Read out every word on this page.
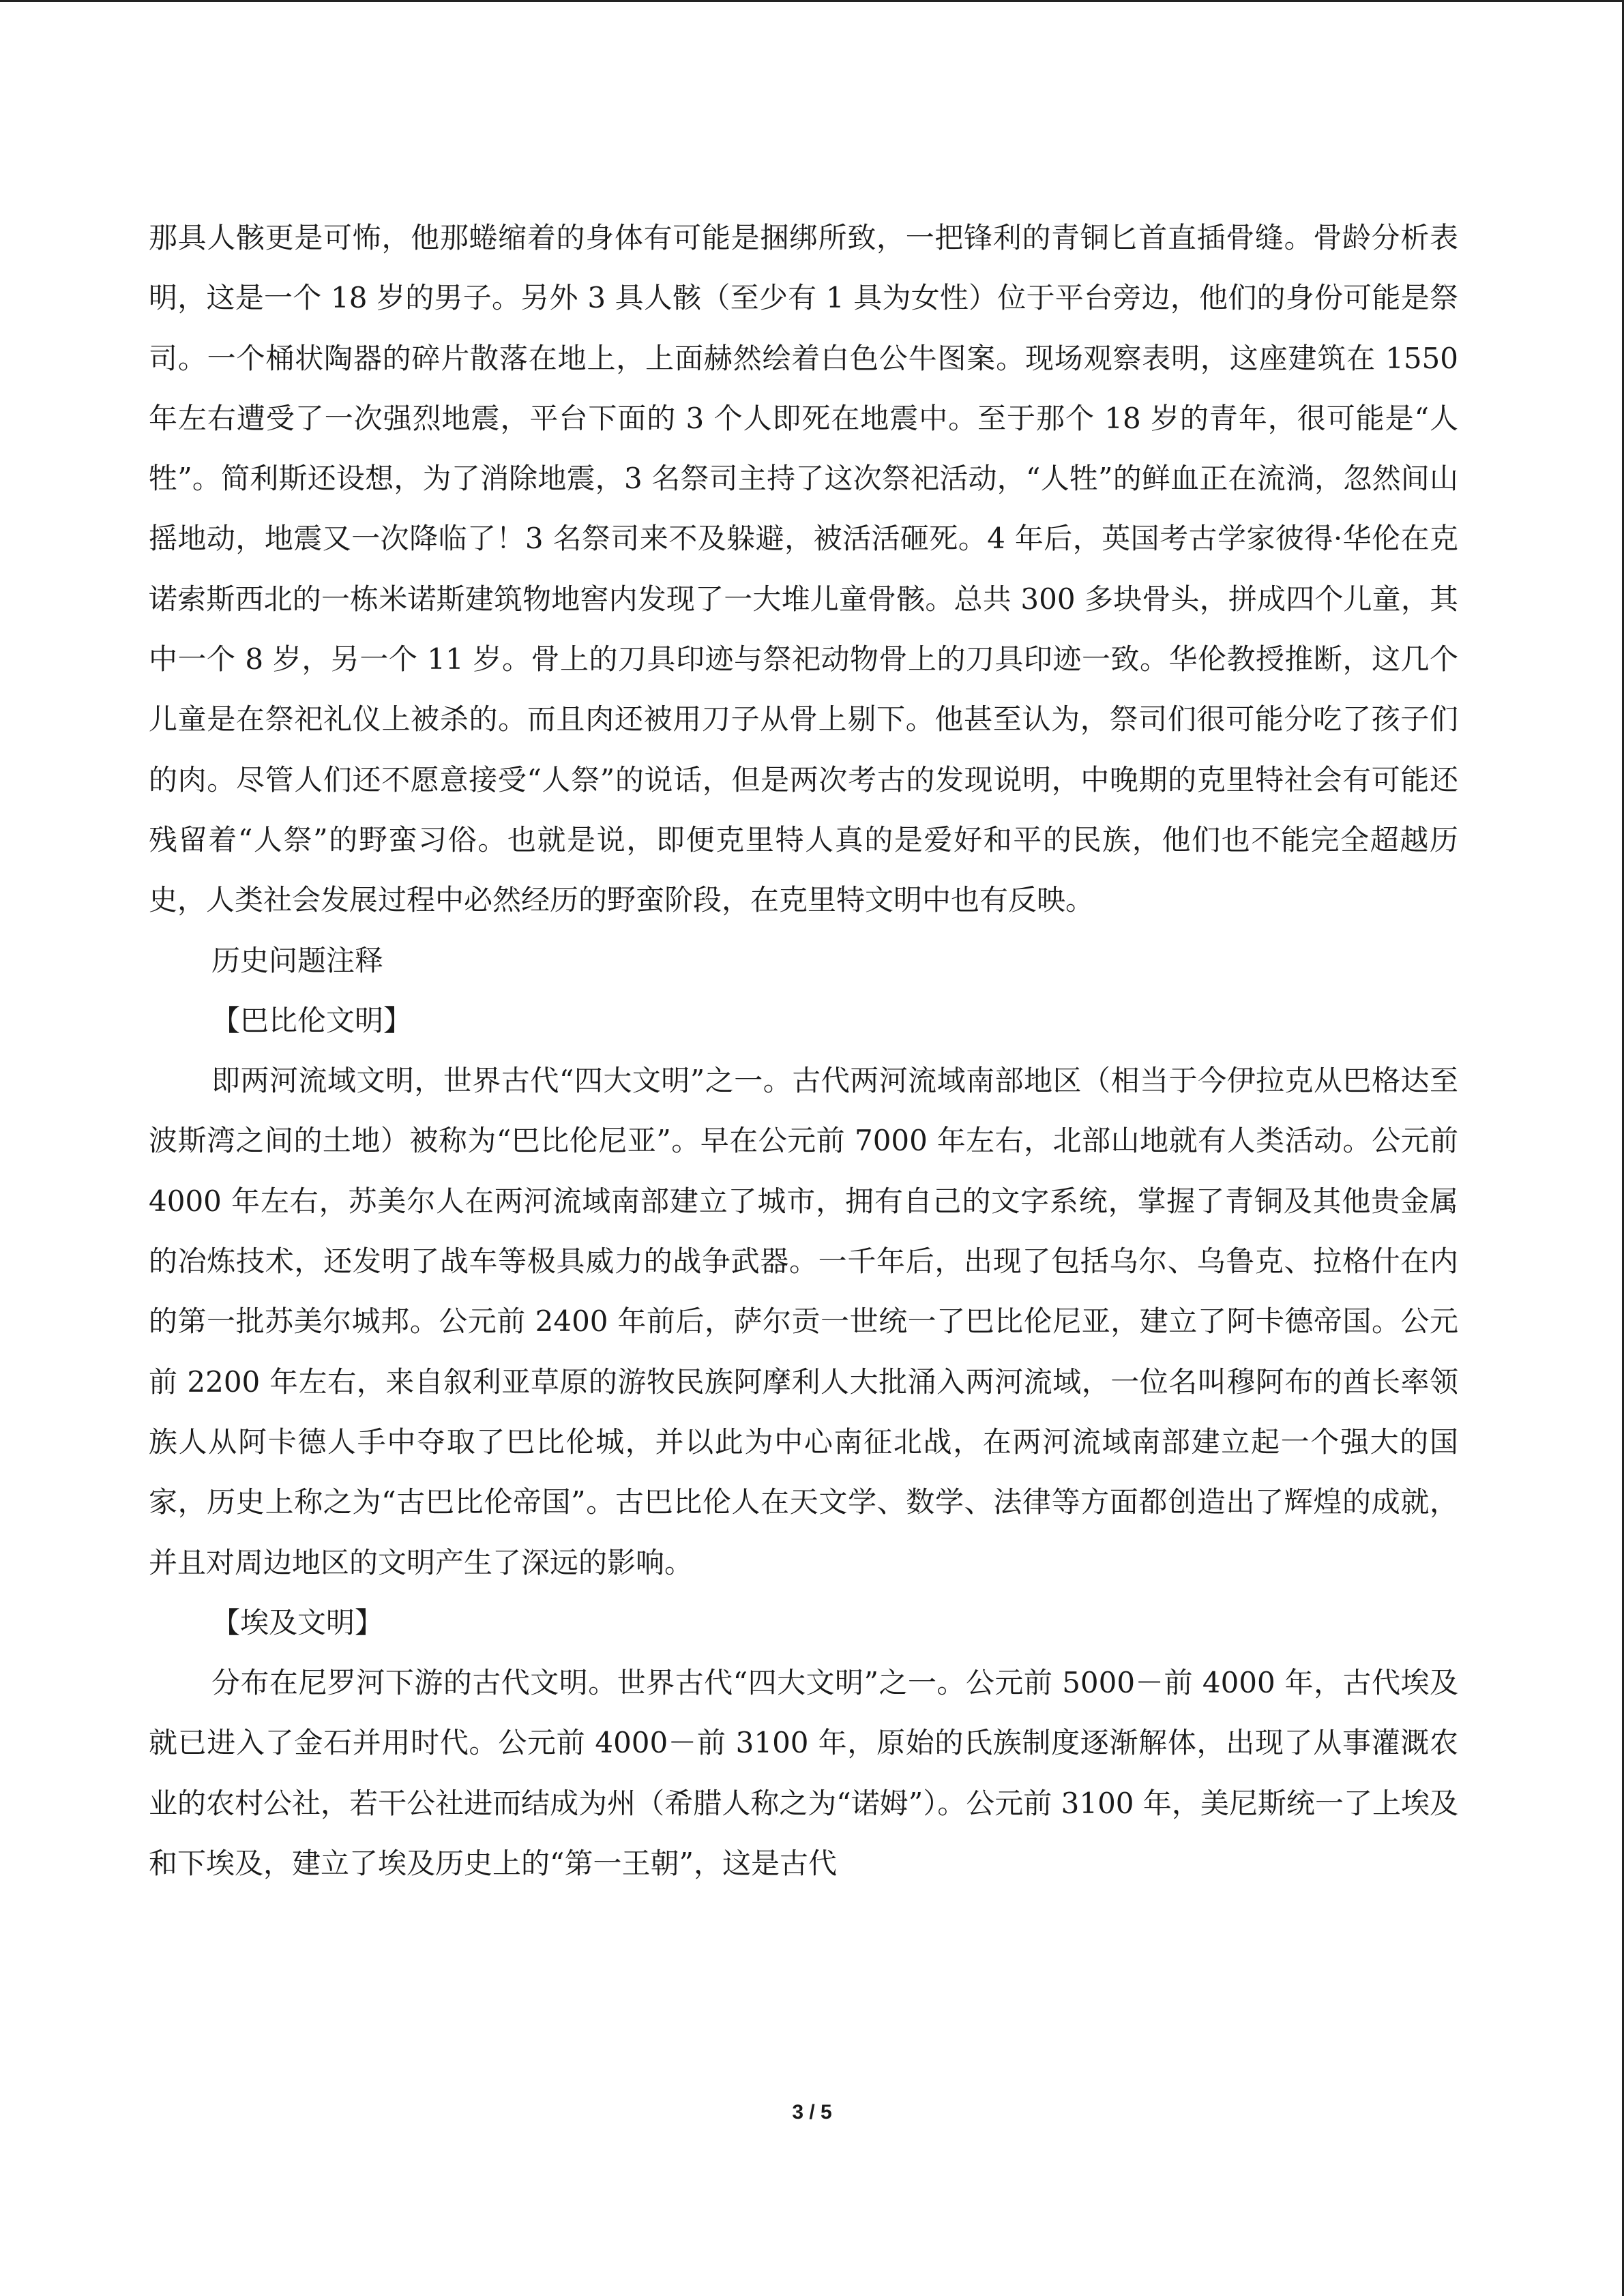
那具人骸更是可怖，他那蜷缩着的身体有可能是捆绑所致，一把锋利的青铜匕首直插骨缝。骨龄分析表明，这是一个 18 岁的男子。另外 3 具人骸（至少有 1 具为女性）位于平台旁边，他们的身份可能是祭司。一个桶状陶器的碎片散落在地上，上面赫然绘着白色公牛图案。现场观察表明，这座建筑在 1550 年左右遭受了一次强烈地震，平台下面的 3 个人即死在地震中。至于那个 18 岁的青年，很可能是“人牲”。简利斯还设想，为了消除地震，3 名祭司主持了这次祭祀活动，“人牲”的鲜血正在流淌，忽然间山摇地动，地震又一次降临了！3 名祭司来不及躲避，被活活砸死。4 年后，英国考古学家彼得·华伦在克诺索斯西北的一栋米诺斯建筑物地窖内发现了一大堆儿童骨骸。总共 300 多块骨头，拼成四个儿童，其中一个 8 岁，另一个 11 岁。骨上的刀具印迹与祭祀动物骨上的刀具印迹一致。华伦教授推断，这几个儿童是在祭祀礼仪上被杀的。而且肉还被用刀子从骨上剔下。他甚至认为，祭司们很可能分吃了孩子们的肉。尽管人们还不愿意接受“人祭”的说话，但是两次考古的发现说明，中晚期的克里特社会有可能还残留着“人祭”的野蛮习俗。也就是说，即便克里特人真的是爱好和平的民族，他们也不能完全超越历史，人类社会发展过程中必然经历的野蛮阶段，在克里特文明中也有反映。

历史问题注释

【巴比伦文明】

即两河流域文明，世界古代“四大文明”之一。古代两河流域南部地区（相当于今伊拉克从巴格达至波斯湾之间的土地）被称为“巴比伦尼亚”。早在公元前 7000 年左右，北部山地就有人类活动。公元前 4000 年左右，苏美尔人在两河流域南部建立了城市，拥有自己的文字系统，掌握了青铜及其他贵金属的冶炼技术，还发明了战车等极具威力的战争武器。一千年后，出现了包括乌尔、乌鲁克、拉格什在内的第一批苏美尔城邦。公元前 2400 年前后，萨尔贡一世统一了巴比伦尼亚，建立了阿卡德帝国。公元前 2200 年左右，来自叙利亚草原的游牧民族阿摩利人大批涌入两河流域，一位名叫穆阿布的酋长率领族人从阿卡德人手中夺取了巴比伦城，并以此为中心南征北战，在两河流域南部建立起一个强大的国家，历史上称之为“古巴比伦帝国”。古巴比伦人在天文学、数学、法律等方面都创造出了辉煌的成就，并且对周边地区的文明产生了深远的影响。

【埃及文明】

分布在尼罗河下游的古代文明。世界古代“四大文明”之一。公元前 5000－前 4000 年，古代埃及就已进入了金石并用时代。公元前 4000－前 3100 年，原始的氏族制度逐渐解体，出现了从事灌溉农业的农村公社，若干公社进而结成为州（希腊人称之为“诺姆”）。公元前 3100 年，美尼斯统一了上埃及和下埃及，建立了埃及历史上的“第一王朝”，这是古代

3 / 5
